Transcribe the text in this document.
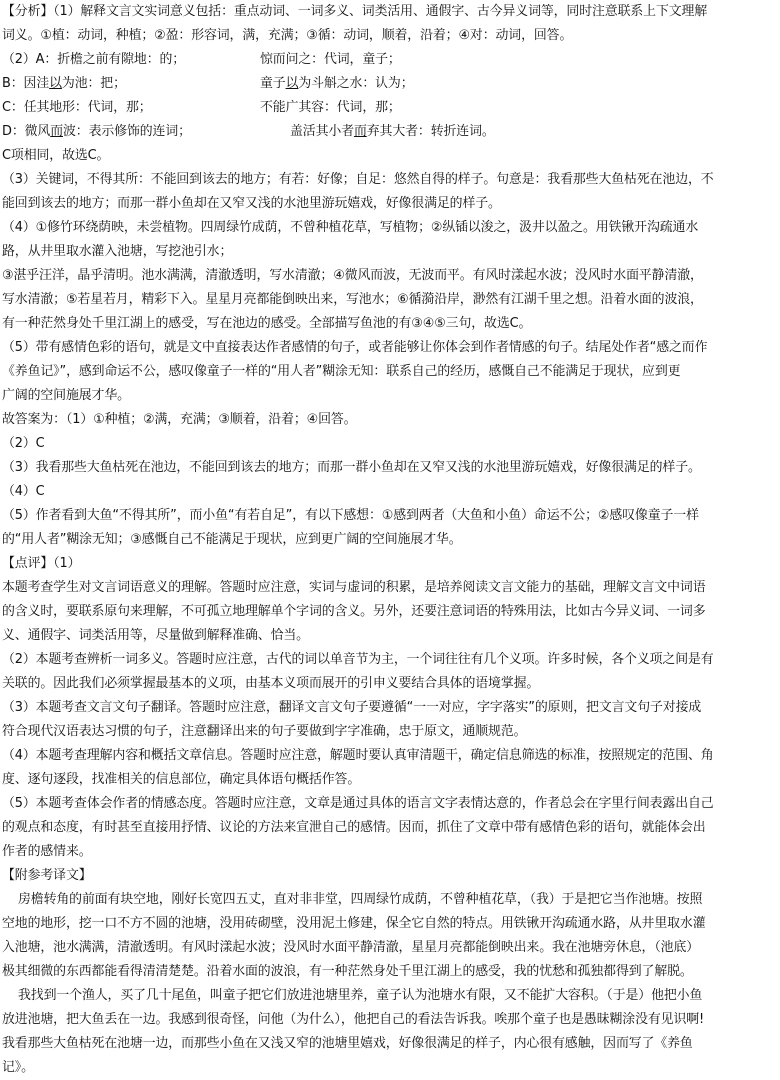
【分析】（1）解释文言文实词意义包括：重点动词、一词多义、词类活用、通假字、古今异义词等，同时注意联系上下文理解
词义。①植：动词，种植；②盈：形容词，满，充满；③循：动词，顺着，沿着；④对：动词，回答。
（2）A：折檐之前有隙地：的；	惊而问之：代词，童子；
B：因洼以为池：把；	童子以为斗斛之水：认为；
C：任其地形：代词，那；	不能广其容：代词，那；
D：微风而波：表示修饰的连词；	盖活其小者而弃其大者：转折连词。
C项相同，故选C。
（3）关键词，不得其所：不能回到该去的地方；有若：好像；自足：悠然自得的样子。句意是：我看那些大鱼枯死在池边，不
能回到该去的地方；而那一群小鱼却在又窄又浅的水池里游玩嬉戏，好像很满足的样子。
（4）①修竹环绕荫映，未尝植物。四周绿竹成荫，不曾种植花草，写植物；②纵锸以浚之，汲井以盈之。用铁锹开沟疏通水
路，从井里取水灌入池塘，写挖池引水；
③湛乎汪洋，晶乎清明。池水满满，清澈透明，写水清澈；④微风而波，无波而平。有风时漾起水波；没风时水面平静清澈，
写水清澈；⑤若星若月，精彩下入。星星月亮都能倒映出来，写池水；⑥循漪沿岸，渺然有江湖千里之想。沿着水面的波浪，
有一种茫然身处千里江湖上的感受，写在池边的感受。全部描写鱼池的有③④⑤三句，故选C。
（5）带有感情色彩的语句，就是文中直接表达作者感情的句子，或者能够让你体会到作者情感的句子。结尾处作者“感之而作
《养鱼记》”，感到命运不公，感叹像童子一样的“用人者”糊涂无知：联系自己的经历，感慨自己不能满足于现状，应到更
广阔的空间施展才华。
故答案为：（1）①种植；②满，充满；③顺着，沿着；④回答。
（2）C
（3）我看那些大鱼枯死在池边，不能回到该去的地方；而那一群小鱼却在又窄又浅的水池里游玩嬉戏，好像很满足的样子。
（4）C
（5）作者看到大鱼“不得其所”，而小鱼“有若自足”，有以下感想：①感到两者（大鱼和小鱼）命运不公；②感叹像童子一样
的“用人者”糊涂无知；③感慨自己不能满足于现状，应到更广阔的空间施展才华。
【点评】（1）
本题考查学生对文言词语意义的理解。答题时应注意，实词与虚词的积累，是培养阅读文言文能力的基础，理解文言文中词语
的含义时，要联系原句来理解，不可孤立地理解单个字词的含义。另外，还要注意词语的特殊用法，比如古今异义词、一词多
义、通假字、词类活用等，尽量做到解释准确、恰当。
（2）本题考查辨析一词多义。答题时应注意，古代的词以单音节为主，一个词往往有几个义项。许多时候，各个义项之间是有
关联的。因此我们必须掌握最基本的义项，由基本义项而展开的引申义要结合具体的语境掌握。
（3）本题考查文言文句子翻译。答题时应注意，翻译文言文句子要遵循“一一对应，字字落实”的原则，把文言文句子对接成
符合现代汉语表达习惯的句子，注意翻译出来的句子要做到字字准确，忠于原文，通顺规范。
（4）本题考查理解内容和概括文章信息。答题时应注意，解题时要认真审清题干，确定信息筛选的标准，按照规定的范围、角
度、逐句逐段，找准相关的信息部位，确定具体语句概括作答。
（5）本题考查体会作者的情感态度。答题时应注意，文章是通过具体的语言文字表情达意的，作者总会在字里行间表露出自己
的观点和态度，有时甚至直接用抒情、议论的方法来宣泄自己的感情。因而，抓住了文章中带有感情色彩的语句，就能体会出
作者的感情来。
【附参考译文】
房檐转角的前面有块空地，刚好长宽四五丈，直对非非堂，四周绿竹成荫，不曾种植花草，（我）于是把它当作池塘。按照
空地的地形，挖一口不方不圆的池塘，没用砖砌壁，没用泥土修建，保全它自然的特点。用铁锹开沟疏通水路，从井里取水灌
入池塘，池水满满，清澈透明。有风时漾起水波；没风时水面平静清澈，星星月亮都能倒映出来。我在池塘旁休息，（池底）
极其细微的东西都能看得清清楚楚。沿着水面的波浪，有一种茫然身处千里江湖上的感受，我的忧愁和孤独都得到了解脱。
我找到一个渔人，买了几十尾鱼，叫童子把它们放进池塘里养，童子认为池塘水有限，又不能扩大容积。（于是）他把小鱼
放进池塘，把大鱼丢在一边。我感到很奇怪，问他（为什么），他把自己的看法告诉我。唉那个童子也是愚昧糊涂没有见识啊!
我看那些大鱼枯死在池塘一边，而那些小鱼在又浅又窄的池塘里嬉戏，好像很满足的样子，内心很有感触，因而写了《养鱼
记》。
